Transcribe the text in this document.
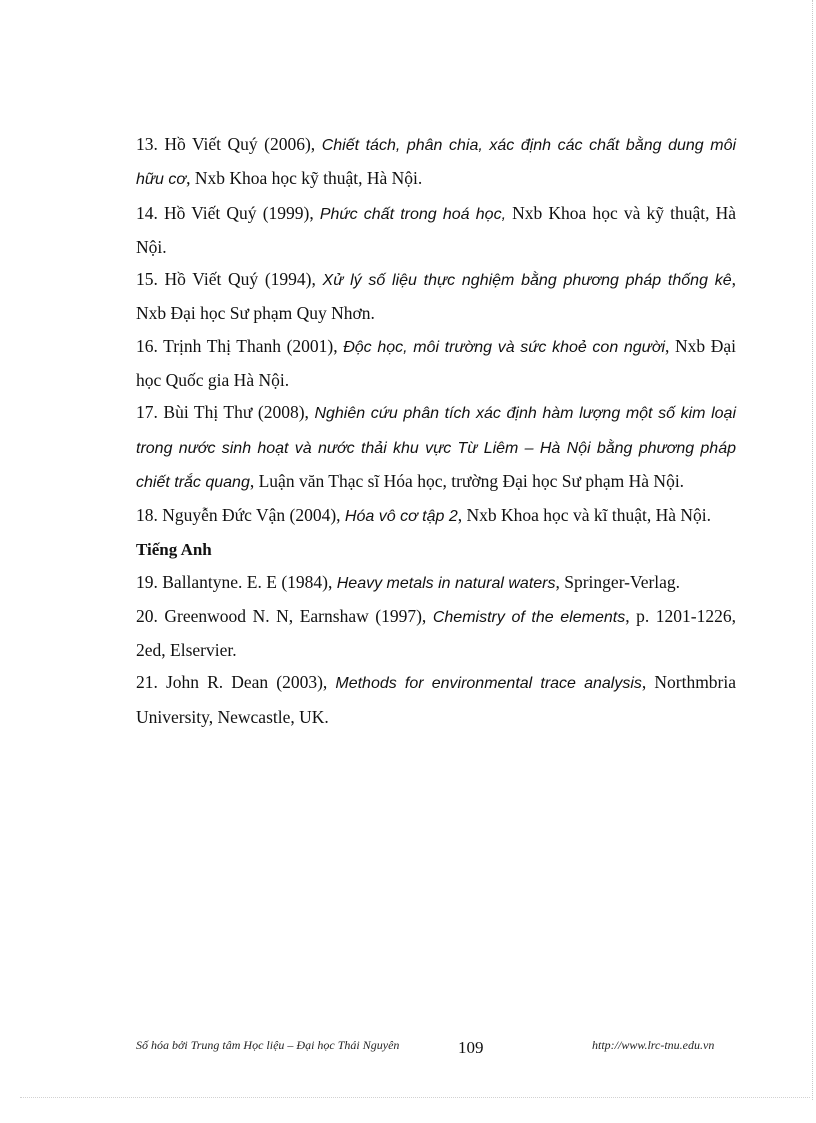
13. Hồ Viết Quý (2006), Chiết tách, phân chia, xác định các chất bằng dung môi hữu cơ, Nxb Khoa học kỹ thuật, Hà Nội.

14. Hồ Viết Quý (1999), Phức chất trong hoá học, Nxb Khoa học và kỹ thuật, Hà Nội.

15. Hồ Viết Quý (1994), Xử lý số liệu thực nghiệm bằng phương pháp thống kê, Nxb Đại học Sư phạm Quy Nhơn.

16. Trịnh Thị Thanh (2001), Độc học, môi trường và sức khoẻ con người, Nxb Đại học Quốc gia Hà Nội.

17. Bùi Thị Thư (2008), Nghiên cứu phân tích xác định hàm lượng một số kim loại trong nước sinh hoạt và nước thải khu vực Từ Liêm – Hà Nội bằng phương pháp chiết trắc quang, Luận văn Thạc sĩ Hóa học, trường Đại học Sư phạm Hà Nội.

18. Nguyễn Đức Vận (2004), Hóa vô cơ tập 2, Nxb Khoa học và kĩ thuật, Hà Nội.

Tiếng Anh

19. Ballantyne. E. E (1984), Heavy metals in natural waters, Springer-Verlag.

20. Greenwood N. N, Earnshaw (1997), Chemistry of the elements, p. 1201-1226, 2ed, Elservier.

21. John R. Dean (2003), Methods for environmental trace analysis, Northmbria University, Newcastle, UK.

Số hóa bởi Trung tâm Học liệu – Đại học Thái Nguyên	109	http://www.lrc-tnu.edu.vn
